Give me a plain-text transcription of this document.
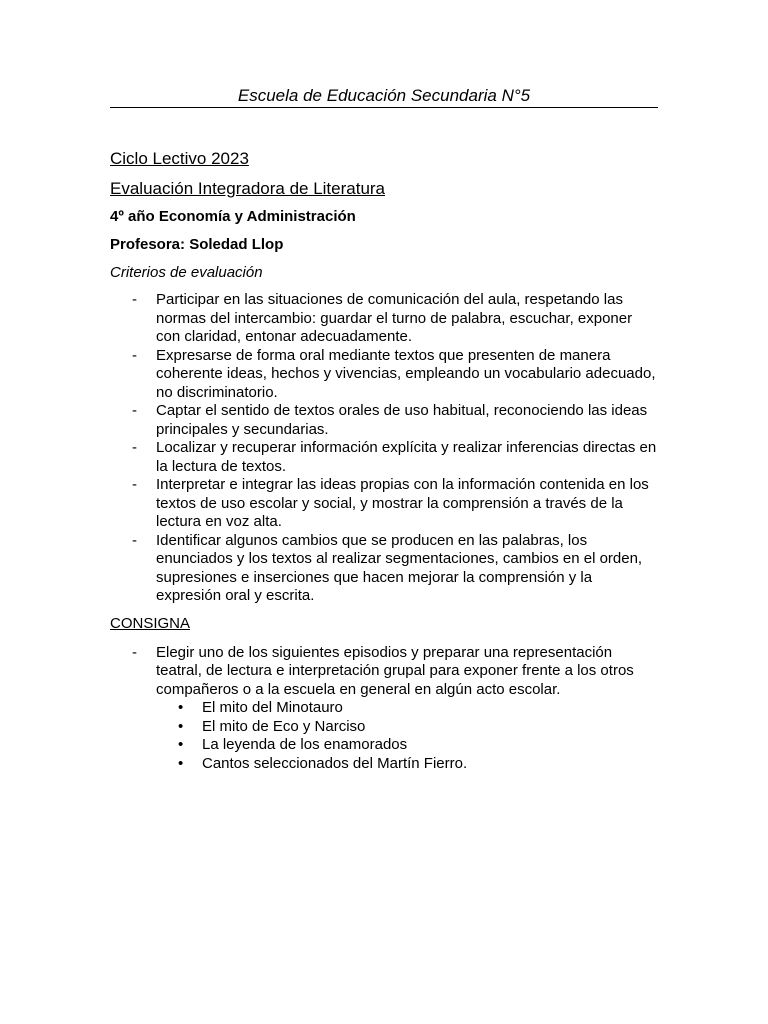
Escuela de Educación Secundaria N°5

Ciclo Lectivo 2023

Evaluación Integradora de Literatura

4º año Economía y Administración

Profesora: Soledad Llop

Criterios de evaluación

- Participar en las situaciones de comunicación del aula, respetando las normas del intercambio: guardar el turno de palabra, escuchar, exponer con claridad, entonar adecuadamente.
- Expresarse de forma oral mediante textos que presenten de manera coherente ideas, hechos y vivencias, empleando un vocabulario adecuado, no discriminatorio.
- Captar el sentido de textos orales de uso habitual, reconociendo las ideas principales y secundarias.
- Localizar y recuperar información explícita y realizar inferencias directas en la lectura de textos.
- Interpretar e integrar las ideas propias con la información contenida en los textos de uso escolar y social, y mostrar la comprensión a través de la lectura en voz alta.
- Identificar algunos cambios que se producen en las palabras, los enunciados y los textos al realizar segmentaciones, cambios en el orden, supresiones e inserciones que hacen mejorar la comprensión y la expresión oral y escrita.

CONSIGNA

- Elegir uno de los siguientes episodios y preparar una representación teatral, de lectura e interpretación grupal para exponer frente a los otros compañeros o a la escuela en general en algún acto escolar.
• El mito del Minotauro
• El mito de Eco y Narciso
• La leyenda de los enamorados
• Cantos seleccionados del Martín Fierro.
